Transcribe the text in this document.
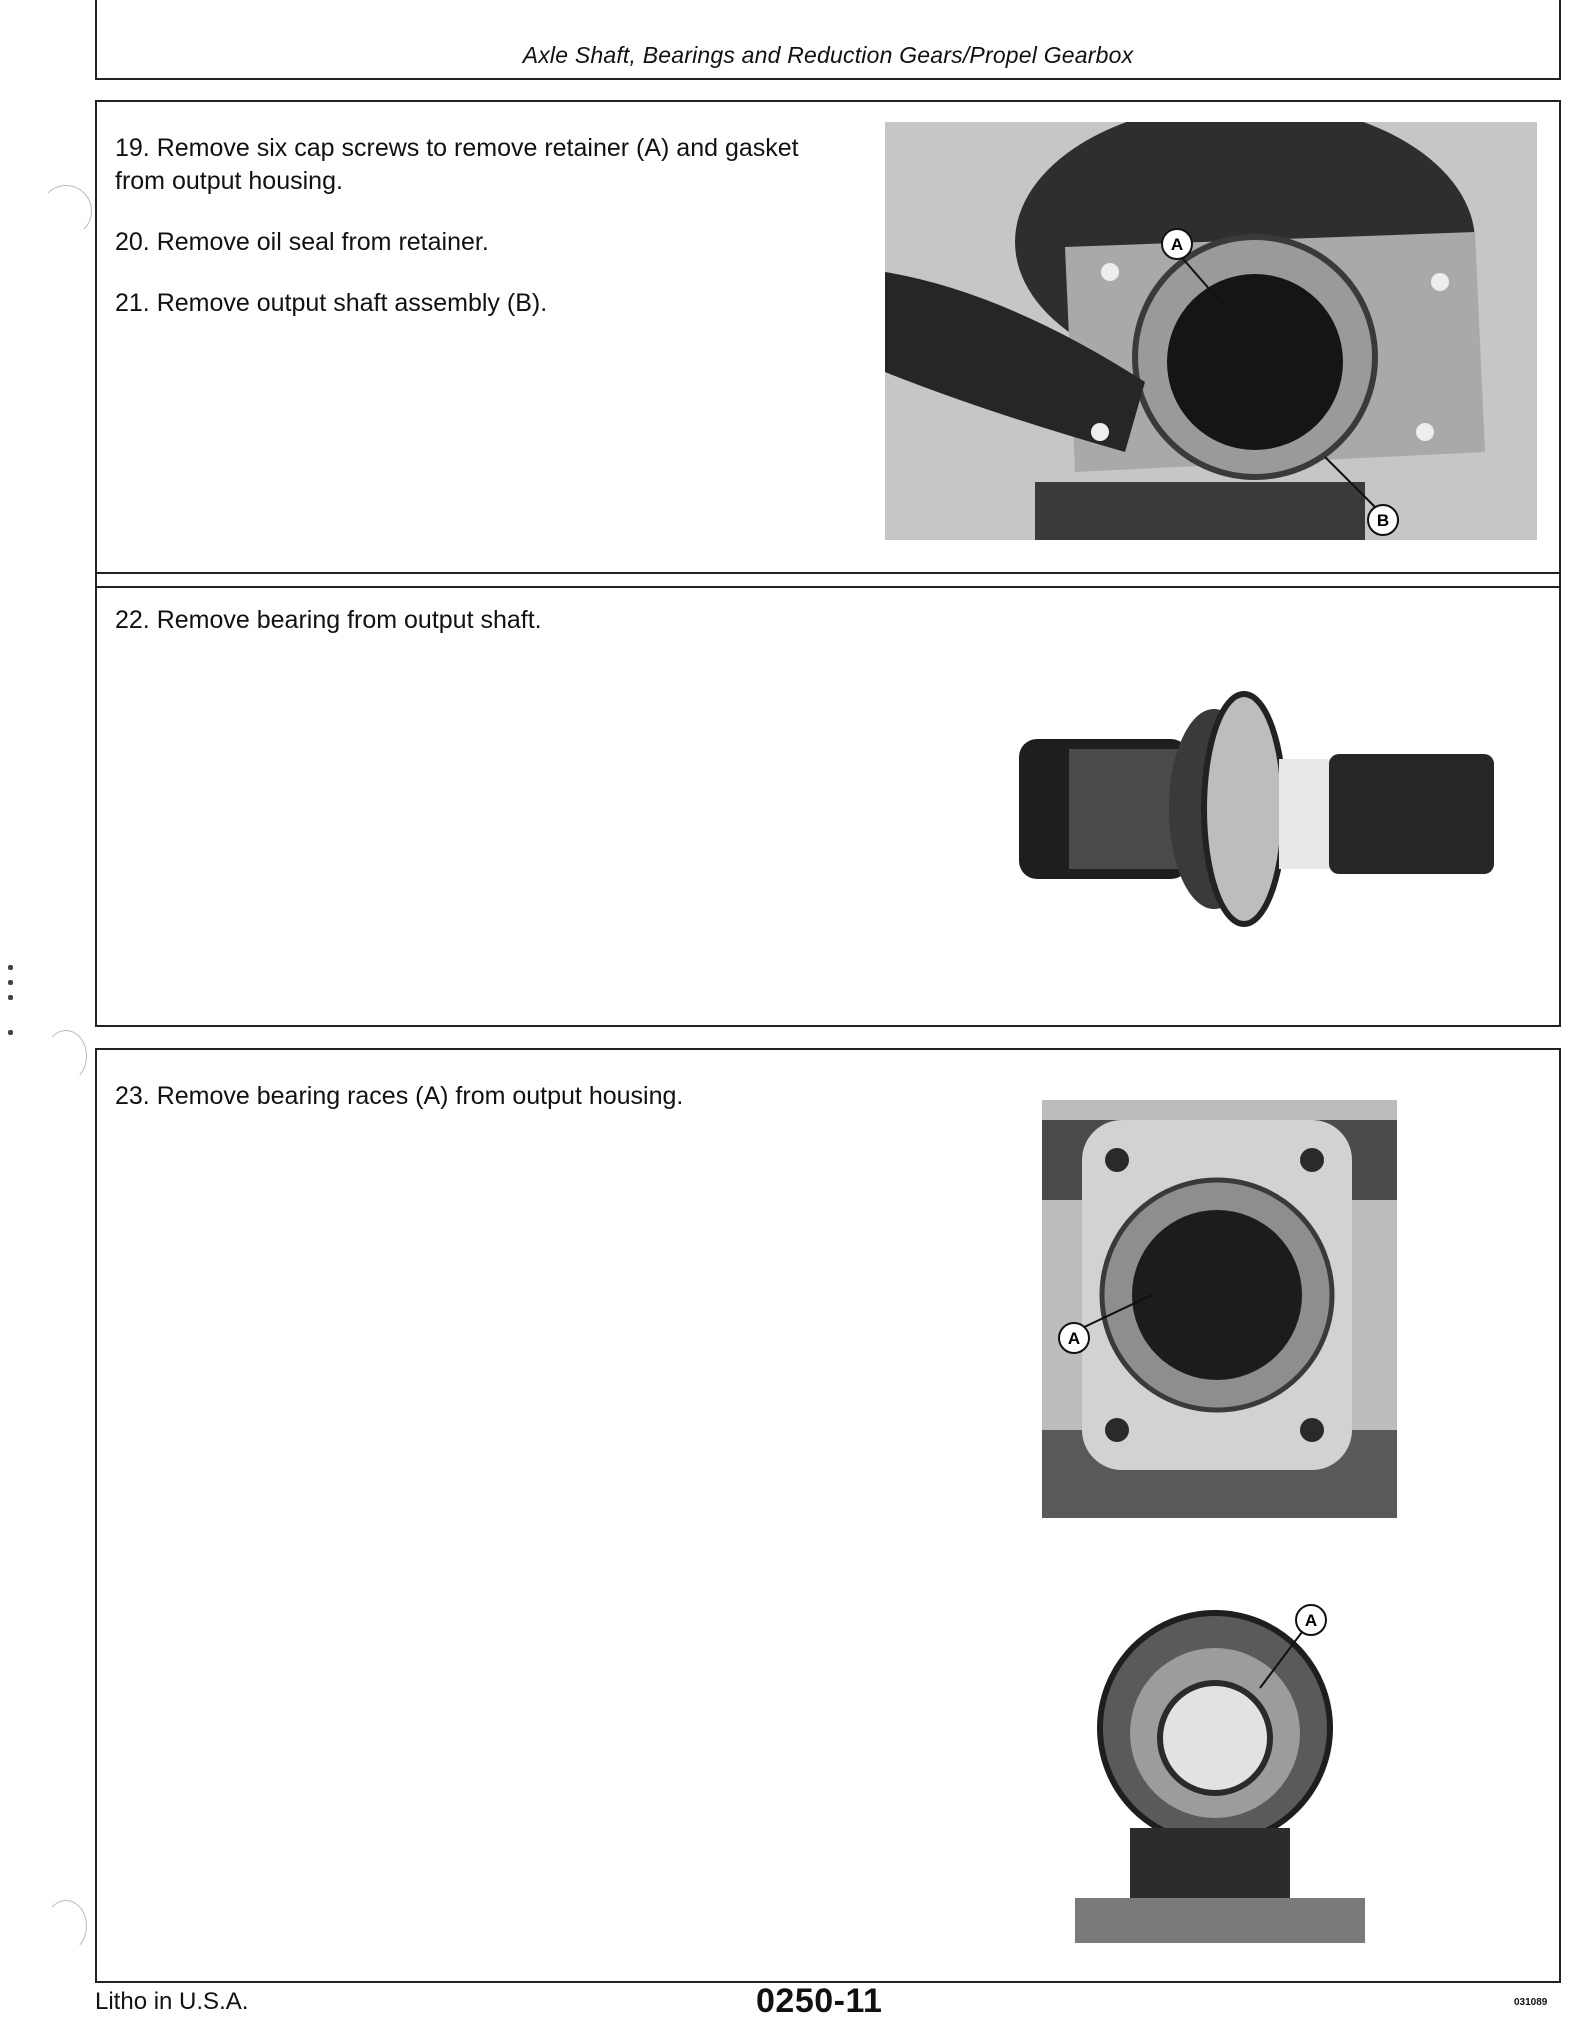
Axle Shaft, Bearings and Reduction Gears/Propel Gearbox
19. Remove six cap screws to remove retainer (A) and gasket from output housing.
20. Remove oil seal from retainer.
21. Remove output shaft assembly (B).
A
B
22. Remove bearing from output shaft.
23. Remove bearing races (A) from output housing.
A
A
Litho in U.S.A.	0250-11	031089
